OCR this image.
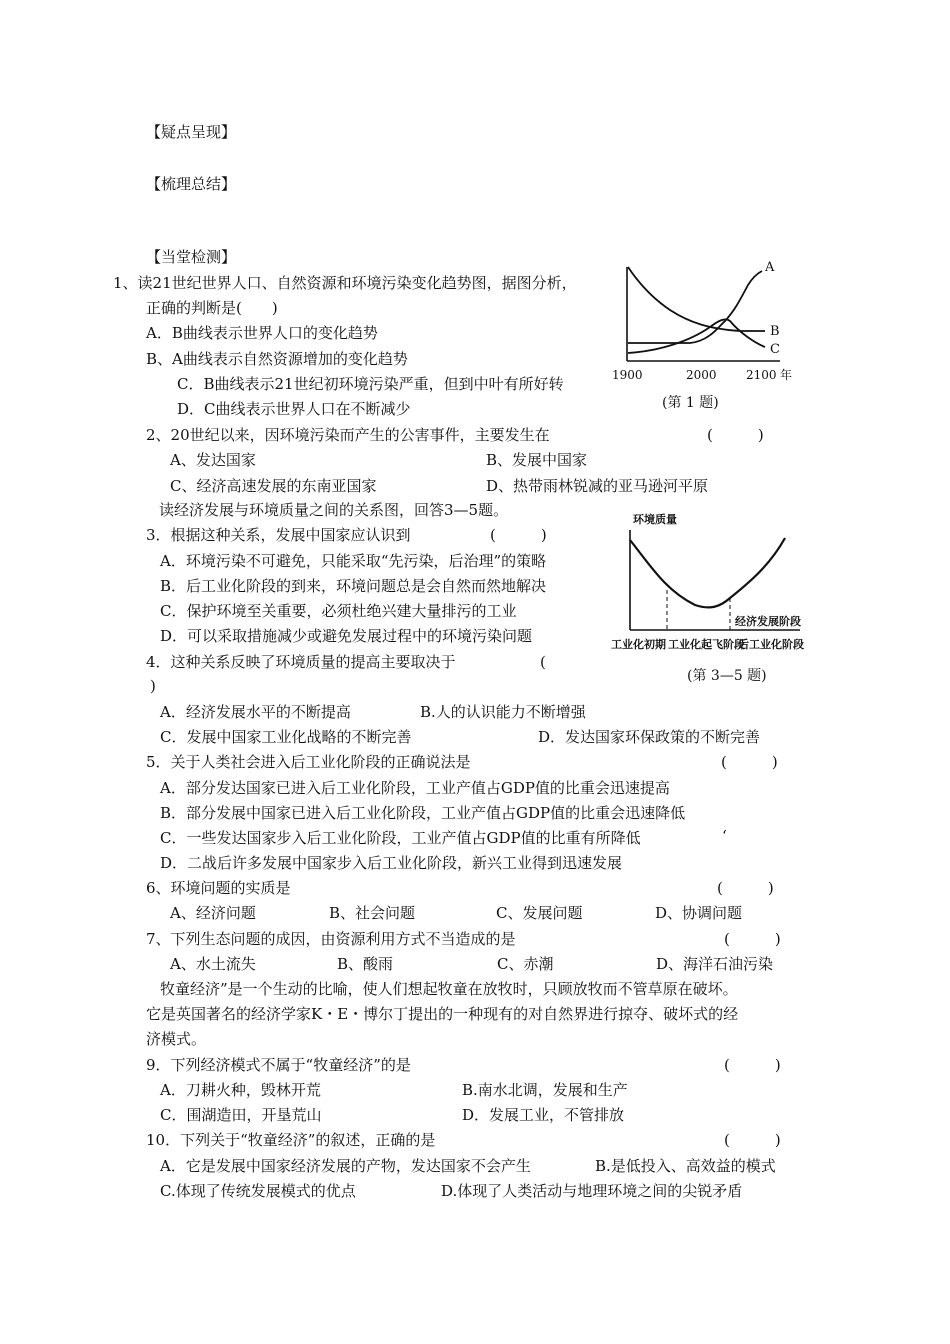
【疑点呈现】
【梳理总结】
【当堂检测】
1、读21世纪世界人口、自然资源和环境污染变化趋势图，据图分析，
正确的判断是(　　)
A．B曲线表示世界人口的变化趋势
B、A曲线表示自然资源增加的变化趋势
C．B曲线表示21世纪初环境污染严重，但到中叶有所好转
D．C曲线表示世界人口在不断减少
2、20世纪以来，因环境污染而产生的公害事件，主要发生在	(　　　)
A、发达国家	B、发展中国家
C、经济高速发展的东南亚国家	D、热带雨林锐减的亚马逊河平原
读经济发展与环境质量之间的关系图，回答3—5题。
3．根据这种关系，发展中国家应认识到	(　　　)
A．环境污染不可避免，只能采取“先污染，后治理”的策略
B．后工业化阶段的到来，环境问题总是会自然而然地解决
C．保护环境至关重要，必须杜绝兴建大量排污的工业
D．可以采取措施减少或避免发展过程中的环境污染问题
4．这种关系反映了环境质量的提高主要取决于	(
)
A．经济发展水平的不断提高	B.人的认识能力不断增强
C．发展中国家工业化战略的不断完善	D．发达国家环保政策的不断完善
5．关于人类社会进入后工业化阶段的正确说法是	(　　　)
A．部分发达国家已进入后工业化阶段，工业产值占GDP值的比重会迅速提高
B．部分发展中国家已进入后工业化阶段，工业产值占GDP值的比重会迅速降低
C．一些发达国家步入后工业化阶段，工业产值占GDP值的比重有所降低	‘
D．二战后许多发展中国家步入后工业化阶段，新兴工业得到迅速发展
6、环境问题的实质是	(　　　)
A、经济问题	B、社会问题	C、发展问题	D、协调问题
7、下列生态问题的成因，由资源利用方式不当造成的是	(　　　)
A、水土流失	B、酸雨	C、赤潮	D、海洋石油污染
牧童经济”是一个生动的比喻，使人们想起牧童在放牧时，只顾放牧而不管草原在破坏。
它是英国著名的经济学家K・E・博尔丁提出的一种现有的对自然界进行掠夺、破坏式的经
济模式。
9．下列经济模式不属于“牧童经济”的是	(　　　)
A．刀耕火种，毁林开荒	B.南水北调，发展和生产
C．围湖造田，开垦荒山	D．发展工业，不管排放
10．下列关于“牧童经济”的叙述，正确的是	(　　　)
A．它是发展中国家经济发展的产物，发达国家不会产生	B.是低投入、高效益的模式
C.体现了传统发展模式的优点	D.体现了人类活动与地理环境之间的尖锐矛盾
A
B
C
1900	2000 2100 年
(第 1 题)
环境质量
经济发展阶段
工业化初期 工业化起飞阶段
后工业化阶段
(第 3—5 题)
